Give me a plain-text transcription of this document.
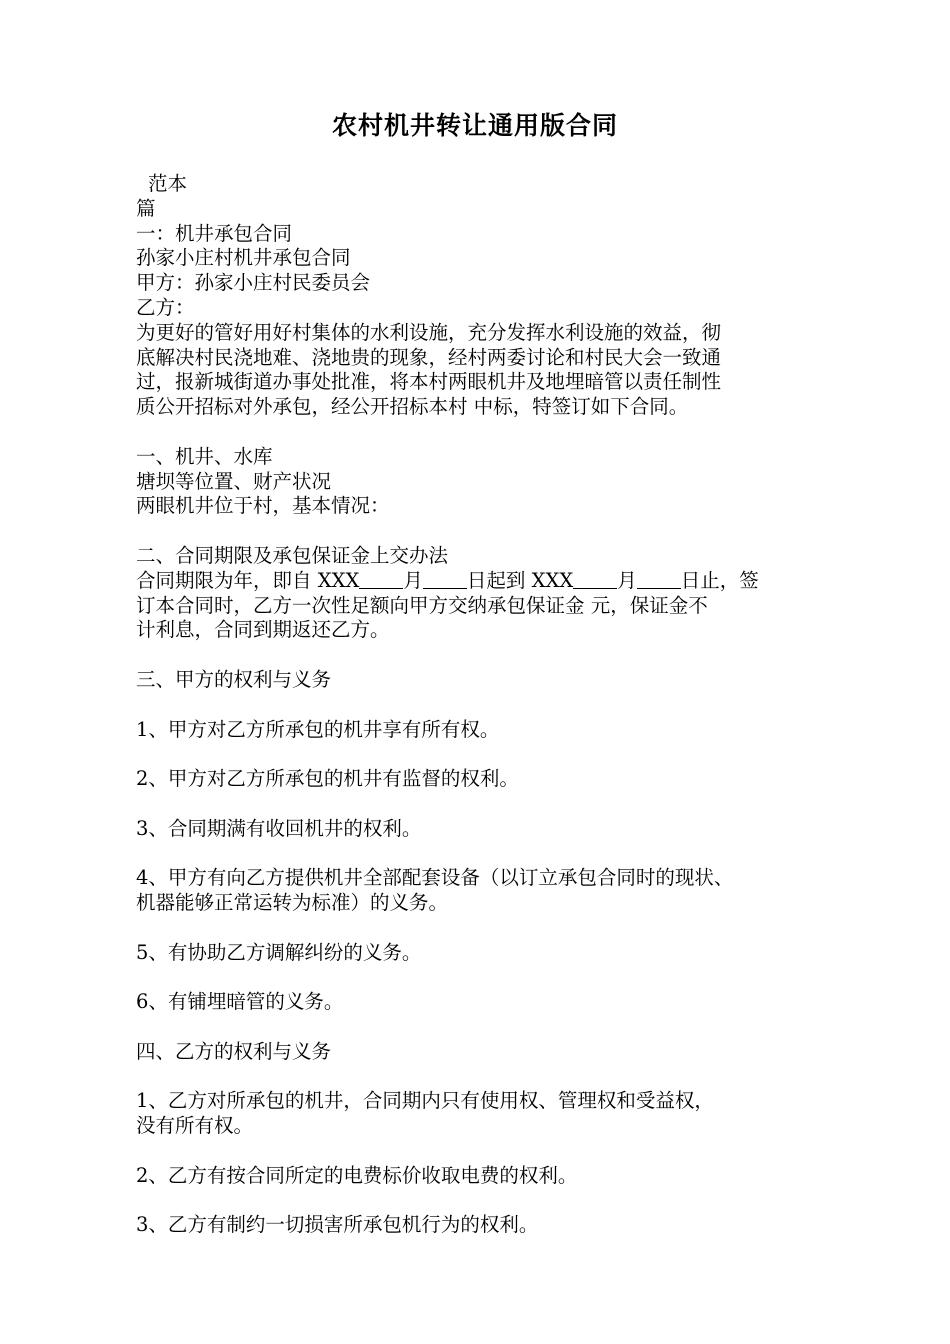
农村机井转让通用版合同
范本
篇
一：机井承包合同
孙家小庄村机井承包合同
甲方：孙家小庄村民委员会
乙方：
为更好的管好用好村集体的水利设施，充分发挥水利设施的效益，彻
底解决村民浇地难、浇地贵的现象，经村两委讨论和村民大会一致通
过，报新城街道办事处批准，将本村两眼机井及地埋暗管以责任制性
质公开招标对外承包，经公开招标本村 中标，特签订如下合同。
一、机井、水库
塘坝等位置、财产状况
两眼机井位于村，基本情况：
二、合同期限及承包保证金上交办法
合同期限为年，即自 XXX 月 日起到 XXX 月 日止，签
订本合同时，乙方一次性足额向甲方交纳承包保证金 元，保证金不
计利息，合同到期返还乙方。
三、甲方的权利与义务
1、甲方对乙方所承包的机井享有所有权。
2、甲方对乙方所承包的机井有监督的权利。
3、合同期满有收回机井的权利。
4、甲方有向乙方提供机井全部配套设备（以订立承包合同时的现状、
机器能够正常运转为标准）的义务。
5、有协助乙方调解纠纷的义务。
6、有铺埋暗管的义务。
四、乙方的权利与义务
1、乙方对所承包的机井，合同期内只有使用权、管理权和受益权，
没有所有权。
2、乙方有按合同所定的电费标价收取电费的权利。
3、乙方有制约一切损害所承包机行为的权利。
